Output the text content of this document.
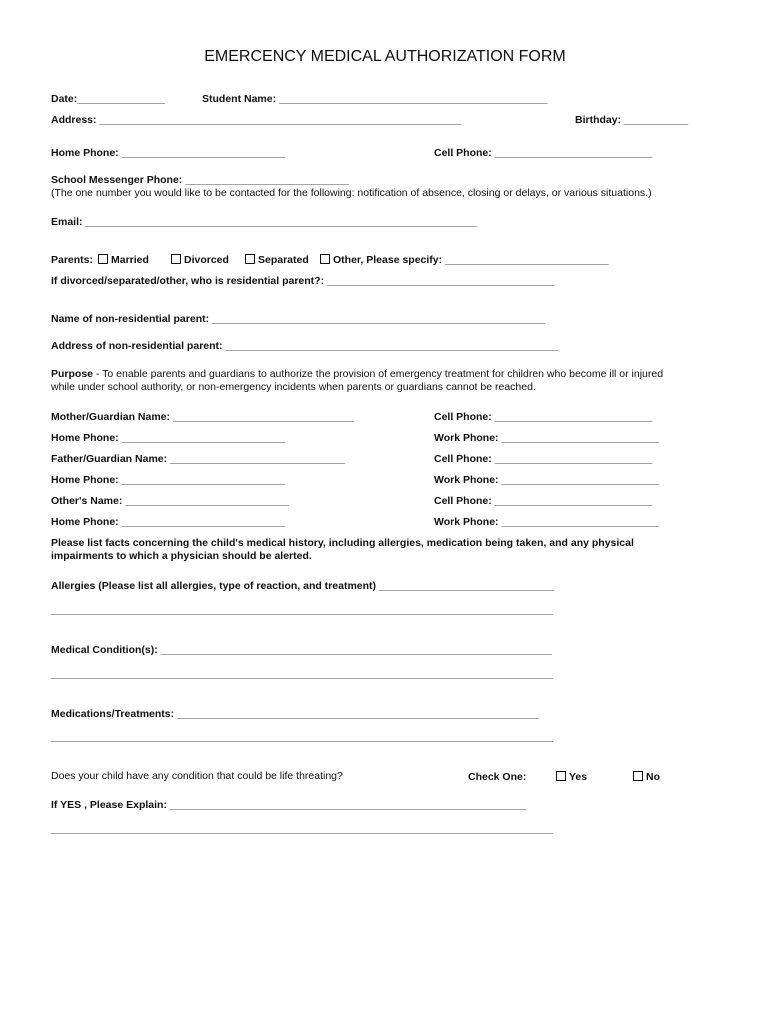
EMERCENCY MEDICAL AUTHORIZATION FORM
Date:_______________	Student Name: ______________________________________________
Address: ______________________________________________________________	Birthday: ___________
Home Phone: ____________________________	Cell Phone: ___________________________
School Messenger Phone: ____________________________
(The one number you would like to be contacted for the following: notification of absence, closing or delays, or various situations.)
Email: ___________________________________________________________________
Parents:	Married	Divorced	Separated	Other, Please specify: ____________________________
If divorced/separated/other, who is residential parent?: _______________________________________
Name of non-residential parent: _________________________________________________________
Address of non-residential parent: _________________________________________________________
Purpose - To enable parents and guardians to authorize the provision of emergency treatment for children who become ill or injured
while under school authority, or non-emergency incidents when parents or guardians cannot be reached.
Mother/Guardian Name: _______________________________	Cell Phone: ___________________________
Home Phone: ____________________________	Work Phone: ___________________________
Father/Guardian Name: ______________________________	Cell Phone: ___________________________
Home Phone: ____________________________	Work Phone: ___________________________
Other's Name: ____________________________	Cell Phone: ___________________________
Home Phone: ____________________________	Work Phone: ___________________________
Please list facts concerning the child's medical history, including allergies, medication being taken, and any physical
impairments to which a physician should be alerted.
Allergies (Please list all allergies, type of reaction, and treatment) ______________________________
______________________________________________________________________________________
Medical Condition(s): ___________________________________________________________________
______________________________________________________________________________________
Medications/Treatments: ______________________________________________________________
______________________________________________________________________________________
Does your child have any condition that could be life threating?	Check One:	Yes	No
If YES , Please Explain: _____________________________________________________________
______________________________________________________________________________________
